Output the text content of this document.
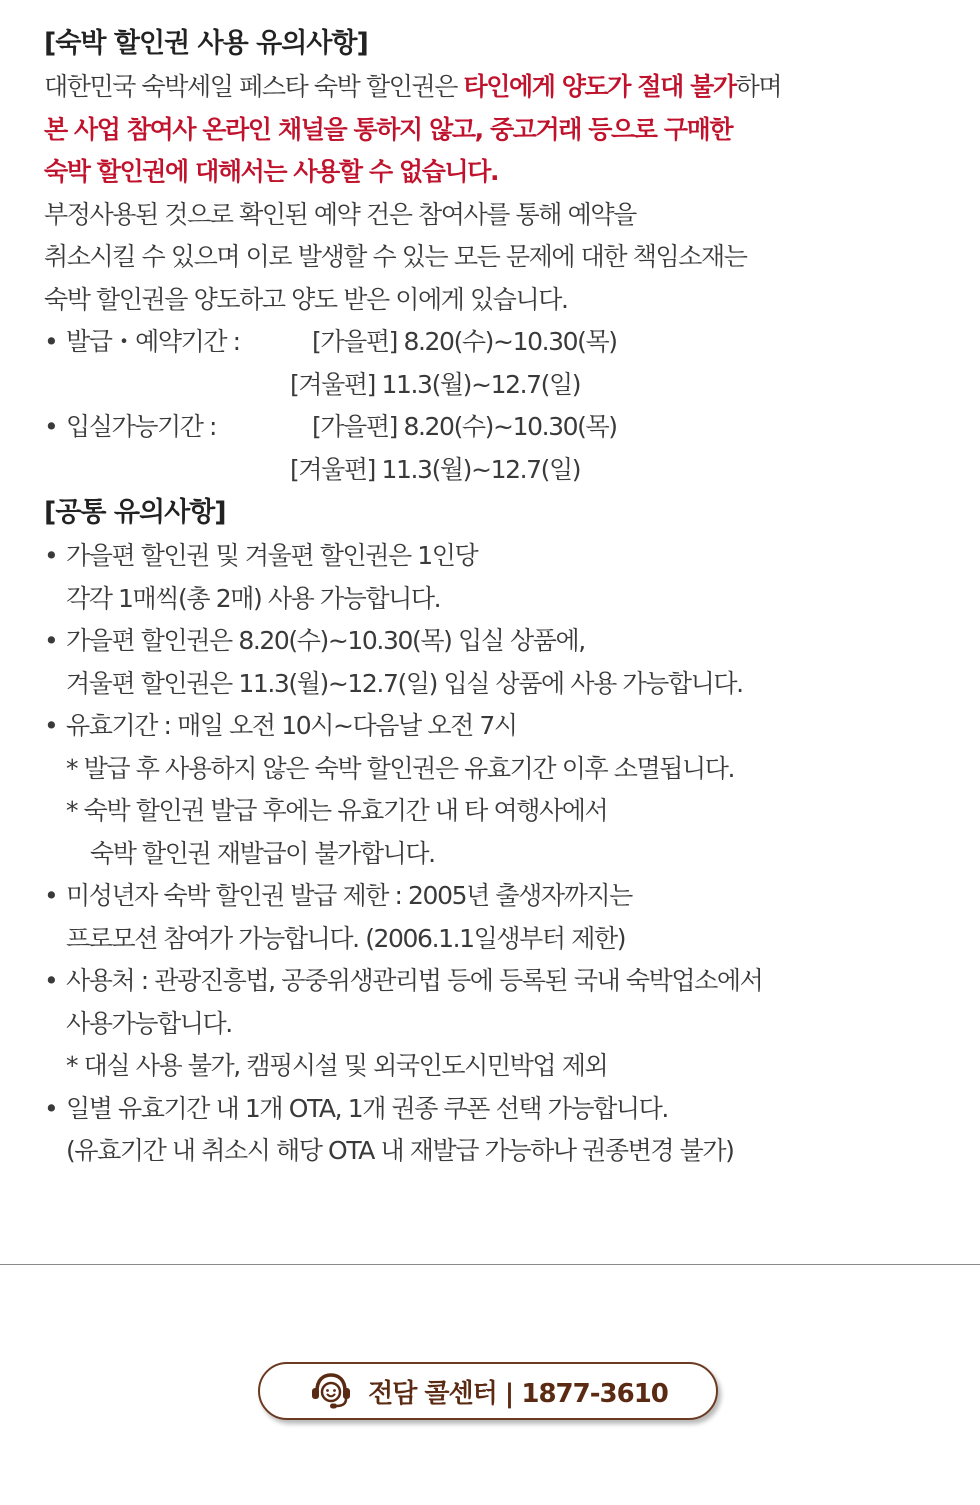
[숙박 할인권 사용 유의사항]
대한민국 숙박세일 페스타 숙박 할인권은 타인에게 양도가 절대 불가하며
본 사업 참여사 온라인 채널을 통하지 않고, 중고거래 등으로 구매한
숙박 할인권에 대해서는 사용할 수 없습니다.
부정사용된 것으로 확인된 예약 건은 참여사를 통해 예약을
취소시킬 수 있으며 이로 발생할 수 있는 모든 문제에 대한 책임소재는
숙박 할인권을 양도하고 양도 받은 이에게 있습니다.
• 발급・예약기간 :	[가을편] 8.20(수)~10.30(목)
[겨울편] 11.3(월)~12.7(일)
• 입실가능기간 :	[가을편] 8.20(수)~10.30(목)
[겨울편] 11.3(월)~12.7(일)
[공통 유의사항]
• 가을편 할인권 및 겨울편 할인권은 1인당
각각 1매씩(총 2매) 사용 가능합니다.
• 가을편 할인권은 8.20(수)~10.30(목) 입실 상품에,
겨울편 할인권은 11.3(월)~12.7(일) 입실 상품에 사용 가능합니다.
• 유효기간 : 매일 오전 10시~다음날 오전 7시
* 발급 후 사용하지 않은 숙박 할인권은 유효기간 이후 소멸됩니다.
* 숙박 할인권 발급 후에는 유효기간 내 타 여행사에서
숙박 할인권 재발급이 불가합니다.
• 미성년자 숙박 할인권 발급 제한 : 2005년 출생자까지는
프로모션 참여가 가능합니다. (2006.1.1일생부터 제한)
• 사용처 : 관광진흥법, 공중위생관리법 등에 등록된 국내 숙박업소에서
사용가능합니다.
* 대실 사용 불가, 캠핑시설 및 외국인도시민박업 제외
• 일별 유효기간 내 1개 OTA, 1개 권종 쿠폰 선택 가능합니다.
(유효기간 내 취소시 해당 OTA 내 재발급 가능하나 권종변경 불가)
전담 콜센터 | 1877-3610
